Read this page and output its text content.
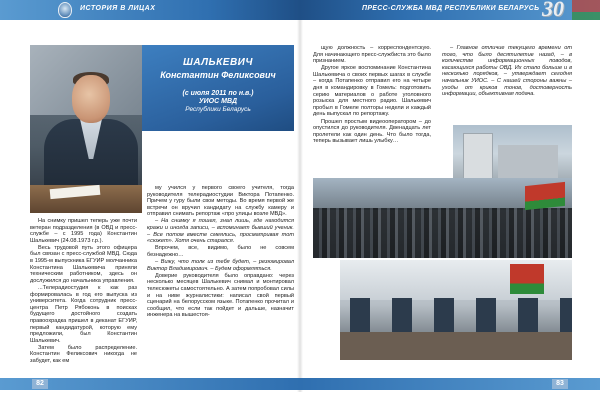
ИСТОРИЯ В ЛИЦАХ	ПРЕСС-СЛУЖБА МВД РЕСПУБЛИКИ БЕЛАРУСЬ 30
ШАЛЬКЕВИЧ
Константин Феликсович
(с июля 2011 по н.в.)
УИОС МВД
Республики Беларусь

На снимку пришел теперь уже почти ветеран подразделения (в ОВД и пресс-службе – с 1995 года) Константин Шалькевич (24.08.1973 г.р.).

Весь трудовой путь этого офицера был связан с пресс-службой МВД. Сюда в 1995-м выпускника ЕГУИР молчанника Константина Шалькевича приняли техническим работником, здесь он дослужился до начальника управления.

...Телерадиостудия к как раз формировалась в год его выпуска из университета. Когда сотрудник пресс-центра Петр Рябоконь в поисках будущего достойного создать правоохрадка пришел в деканат ЕГУИР, первый кандидатурой, которую ему предложили, был Константин Шалькевич.

Затем было распределение. Константин Феликсович никогда не забудет, как ем

му учился у первого своего учителя, тогда руководителя телерадиостудии Виктора Потапенко. Причем у гуру были свои методы. Во время первой же встречи он вручил кандидату на службу камеру и отправил снимать репортаж «про улицы возле МВД».

– На снимку я пошел, знал лишь, где находится кражи и иногда записи, – вспоминает бывший ученик. – Все потом вместе смеялись, просматривая тот «сюжет». Хотя очень старался.

Впрочем, все, видимо, было не совсем безнадежно…

– Вижу, что толк из тебя будет, – резюмировал Виктор Владимирович. – Будем оформляться.

Доверие руководителя было оправдано: через несколько месяцев Шалькевич снимал и монтировал телесюжеты самостоятельно. А затем попробовал силы и на ниве журналистики: написал свой первый сценарий на белорусском языке. Потапенко прочитал и сообщил, что если так пойдет и дальше, назначит инженера на вышестоя-

щую должность – корреспондентскую. Для начинающего пресс-службиста это было признанием.

Другое яркое воспоминание Константина Шалькевича о своих первых шагах в службе – когда Потапенко отправил его на четыре дня в командировку в Гомель: подготовить серию материалов о работе уголовного розыска для местного радио. Шалькевич пробыл в Гомеле полторы недели и каждый день выпускал по репортажу.

Прошел простым видеооператором – до опустился до руководителя. Двенадцать лет пролетели как один день. Что было тогда, теперь вызывает лишь улыбку…

– Главное отличие текущего времени от того, что было десятилетие назад, – в количестве информационных поводов, касающихся работы ОВД. Их стало больше и в несколько порядков, – утверждает сегодня начальник УИОС. – С нашей стороны важны – уходы от криков тонов, достоверность информации, объективная подача.

82	83
